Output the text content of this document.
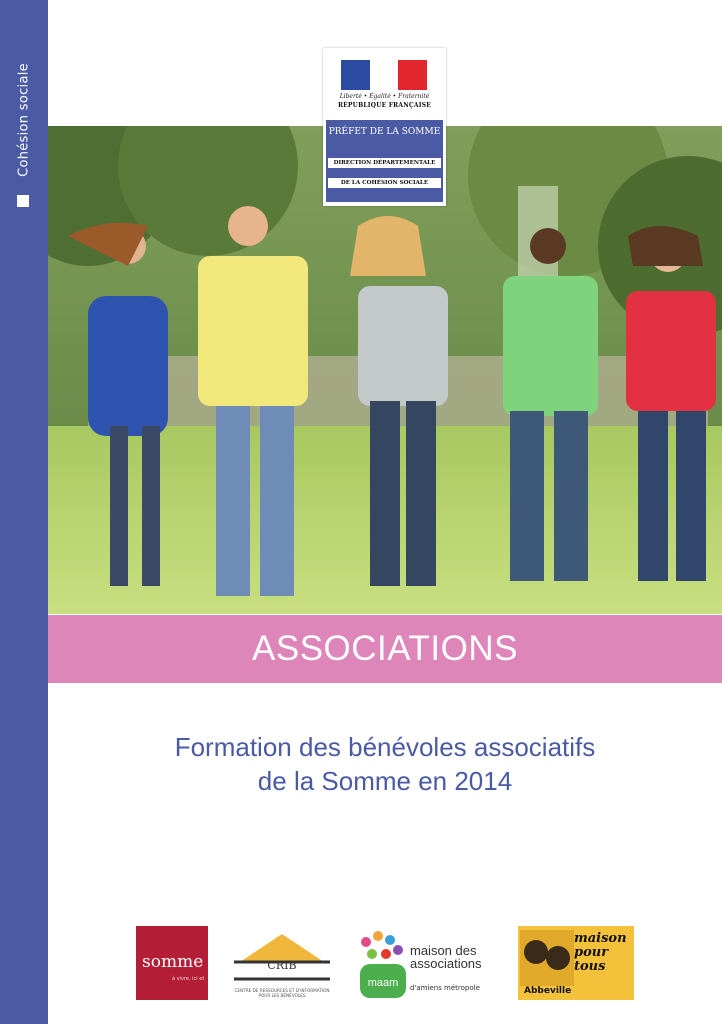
Cohésion sociale	Liberté • Égalité • Fraternité
RÉPUBLIQUE FRANÇAISE
PRÉFET DE LA SOMME
DIRECTION DÉPARTEMENTALE
DE LA COHÉSION SOCIALE
ASSOCIATIONS
Formation des bénévoles associatifs
de la Somme en 2014
somme
à vivre, ici et
CRIB
CENTRE DE RESSOURCES ET D'INFORMATION POUR LES BÉNÉVOLES
maam
maison des associations
d'amiens métropole
maison pour tous
Abbeville
